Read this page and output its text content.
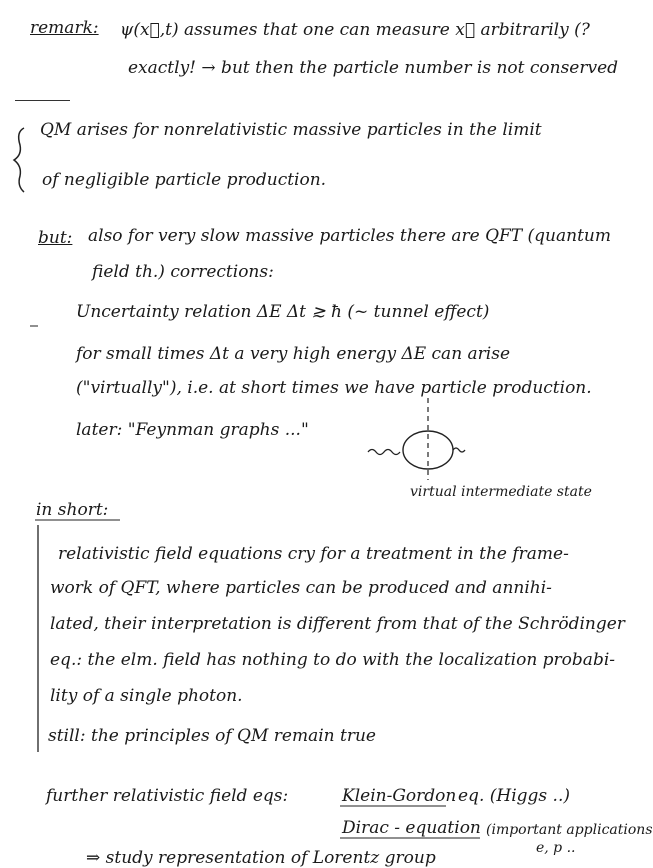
remark: ψ(x⃗,t) assumes that one can measure x⃗ arbitrarily (?
exactly! → but then the particle number is not conserved
QM arises for nonrelativistic massive particles in the limit
of negligible particle production.
but: also for very slow massive particles there are QFT (quantum
field th.) corrections:
Uncertainty relation ΔE Δt ≳ ħ (~ tunnel effect)
for small times Δt a very high energy ΔE can arise
("virtually"), i.e. at short times we have particle production.
later: "Feynman graphs ..."
virtual intermediate state
in short:
relativistic field equations cry for a treatment in the frame-
work of QFT, where particles can be produced and annihi-
lated, their interpretation is different from that of the Schrödinger
eq.: the elm. field has nothing to do with the localization probabi-
lity of a single photon.
still: the principles of QM remain true
further relativistic field eqs:	Klein-Gordon eq. (Higgs ..)
Dirac - equation (important applications
e, p ..
⇒ study representation of Lorentz group
